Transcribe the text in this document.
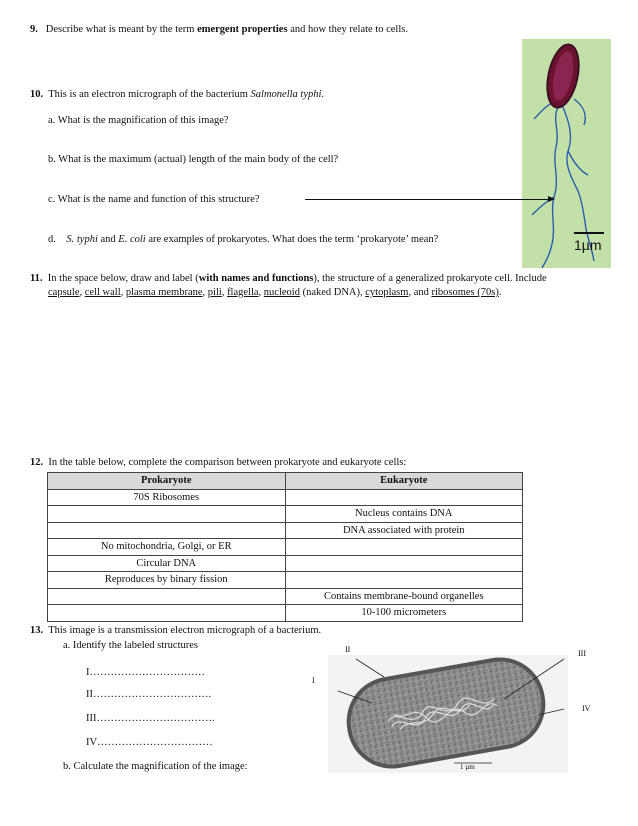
9. Describe what is meant by the term emergent properties and how they relate to cells.
1µm
10. This is an electron micrograph of the bacterium Salmonella typhi.
a. What is the magnification of this image?
b. What is the maximum (actual) length of the main body of the cell?
c. What is the name and function of this structure?
d. S. typhi and E. coli are examples of prokaryotes. What does the term ‘prokaryote’ mean?
11. In the space below, draw and label (with names and functions), the structure of a generalized prokaryote cell. Include
capsule, cell wall, plasma membrane, pili, flagella, nucleoid (naked DNA), cytoplasm, and ribosomes (70s).
12. In the table below, complete the comparison between prokaryote and eukaryote cells:
Prokaryote	Eukaryote
70S Ribosomes	
	Nucleus contains DNA
	DNA associated with protein
No mitochondria, Golgi, or ER	
Circular DNA	
Reproduces by binary fission	
	Contains membrane-bound organelles
	10-100 micrometers
13. This image is a transmission electron micrograph of a bacterium.
a. Identify the labeled structures
I……………………………
II…………………………….
III…………………………….
IV……………………………
b. Calculate the magnification of the image:	1 µm
I
II	III
IV
